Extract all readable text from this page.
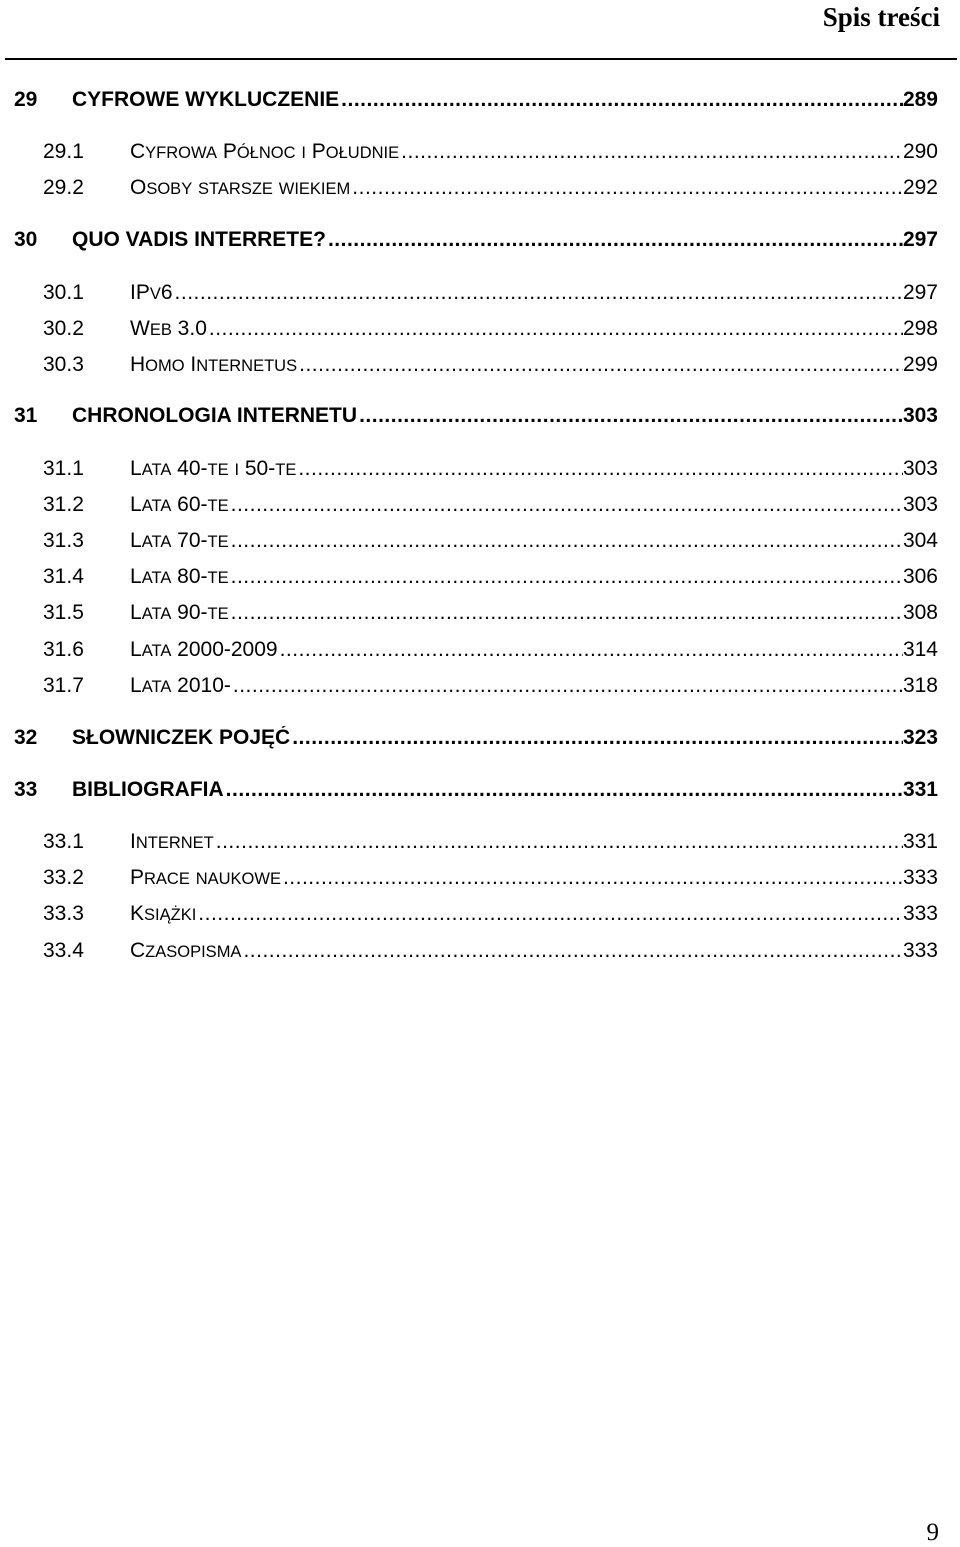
Spis treści
29	CYFROWE WYKLUCZENIE .....	289
29.1	CYFROWA PÓŁNOC I POŁUDNIE .....	290
29.2	OSOBY STARSZE WIEKIEM .....	292
30	QUO VADIS INTERRETE? .....	297
30.1	IPV6 .....	297
30.2	WEB 3.0 .....	298
30.3	HOMO INTERNETUS .....	299
31	CHRONOLOGIA INTERNETU .....	303
31.1	LATA 40-TE I 50-TE .....	303
31.2	LATA 60-TE .....	303
31.3	LATA 70-TE .....	304
31.4	LATA 80-TE .....	306
31.5	LATA 90-TE .....	308
31.6	LATA 2000-2009 .....	314
31.7	LATA 2010- .....	318
32	SŁOWNICZEK POJĘĆ .....	323
33	BIBLIOGRAFIA .....	331
33.1	INTERNET .....	331
33.2	PRACE NAUKOWE .....	333
33.3	KSIĄŻKI .....	333
33.4	CZASOPISMA .....	333
9
